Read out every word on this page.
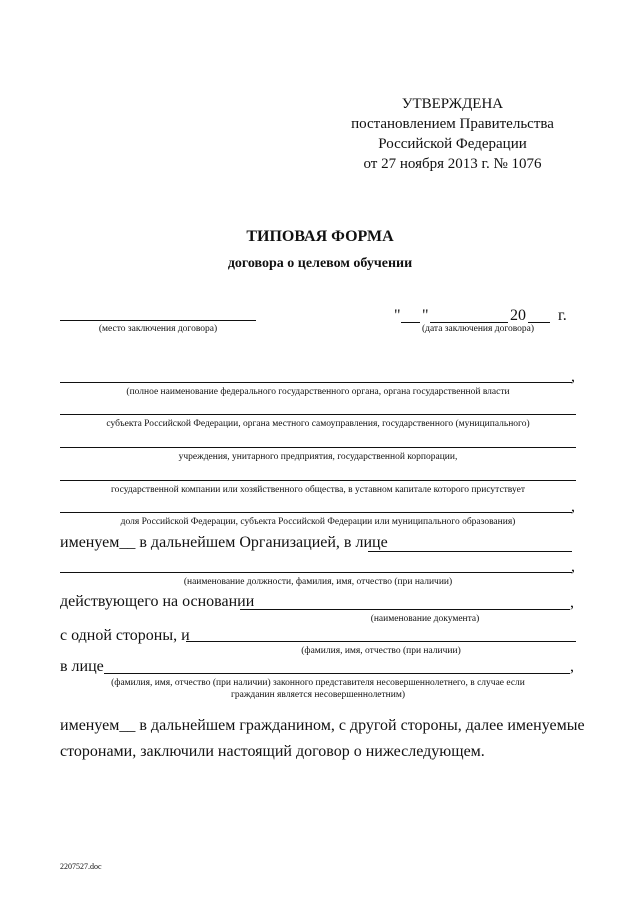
УТВЕРЖДЕНА
постановлением Правительства
Российской Федерации
от 27 ноября 2013 г. № 1076
ТИПОВАЯ ФОРМА
договора о целевом обучении
(место заключения договора)
" "	20 г.
(дата заключения договора)
,
(полное наименование федерального государственного органа, органа государственной власти
субъекта Российской Федерации, органа местного самоуправления, государственного (муниципального)
учреждения, унитарного предприятия, государственной корпорации,
государственной компании или хозяйственного общества, в уставном капитале которого присутствует
,
доля Российской Федерации, субъекта Российской Федерации или муниципального образования)
именуем__ в дальнейшем Организацией, в лице
,
(наименование должности, фамилия, имя, отчество (при наличии)
действующего на основании	,
(наименование документа)
с одной стороны, и
(фамилия, имя, отчество (при наличии)
в лице	,
(фамилия, имя, отчество (при наличии) законного представителя несовершеннолетнего, в случае если
гражданин является несовершеннолетним)
именуем__ в дальнейшем гражданином, с другой стороны, далее именуемые
сторонами, заключили настоящий договор о нижеследующем.
2207527.doc
